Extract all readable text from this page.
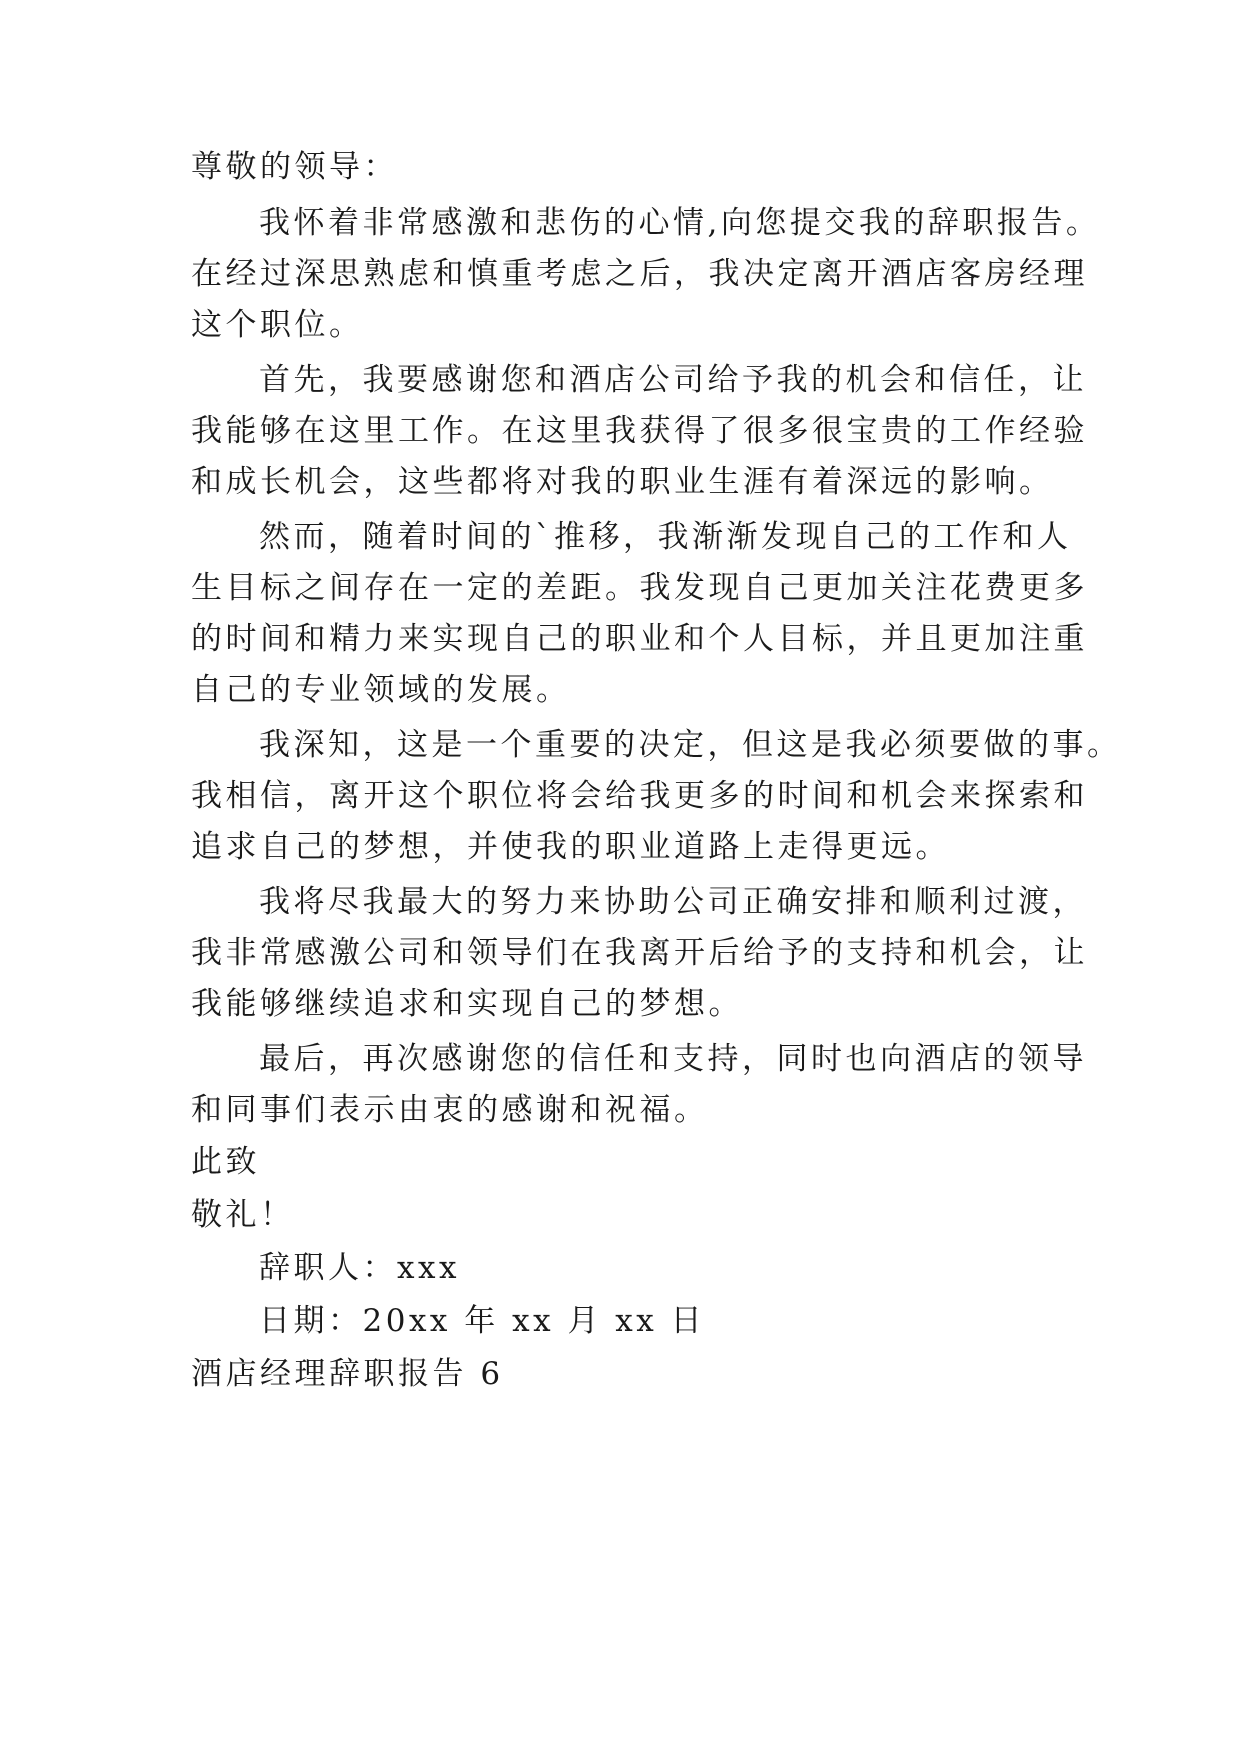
尊敬的领导：
我怀着非常感激和悲伤的心情,向您提交我的辞职报告。
在经过深思熟虑和慎重考虑之后，我决定离开酒店客房经理
这个职位。
首先，我要感谢您和酒店公司给予我的机会和信任，让
我能够在这里工作。在这里我获得了很多很宝贵的工作经验
和成长机会，这些都将对我的职业生涯有着深远的影响。
然而，随着时间的`推移，我渐渐发现自己的工作和人
生目标之间存在一定的差距。我发现自己更加关注花费更多
的时间和精力来实现自己的职业和个人目标，并且更加注重
自己的专业领域的发展。
我深知，这是一个重要的决定，但这是我必须要做的事。
我相信，离开这个职位将会给我更多的时间和机会来探索和
追求自己的梦想，并使我的职业道路上走得更远。
我将尽我最大的努力来协助公司正确安排和顺利过渡，
我非常感激公司和领导们在我离开后给予的支持和机会，让
我能够继续追求和实现自己的梦想。
最后，再次感谢您的信任和支持，同时也向酒店的领导
和同事们表示由衷的感谢和祝福。
此致
敬礼！
辞职人：xxx
日期：20xx 年 xx 月 xx 日
酒店经理辞职报告 6
